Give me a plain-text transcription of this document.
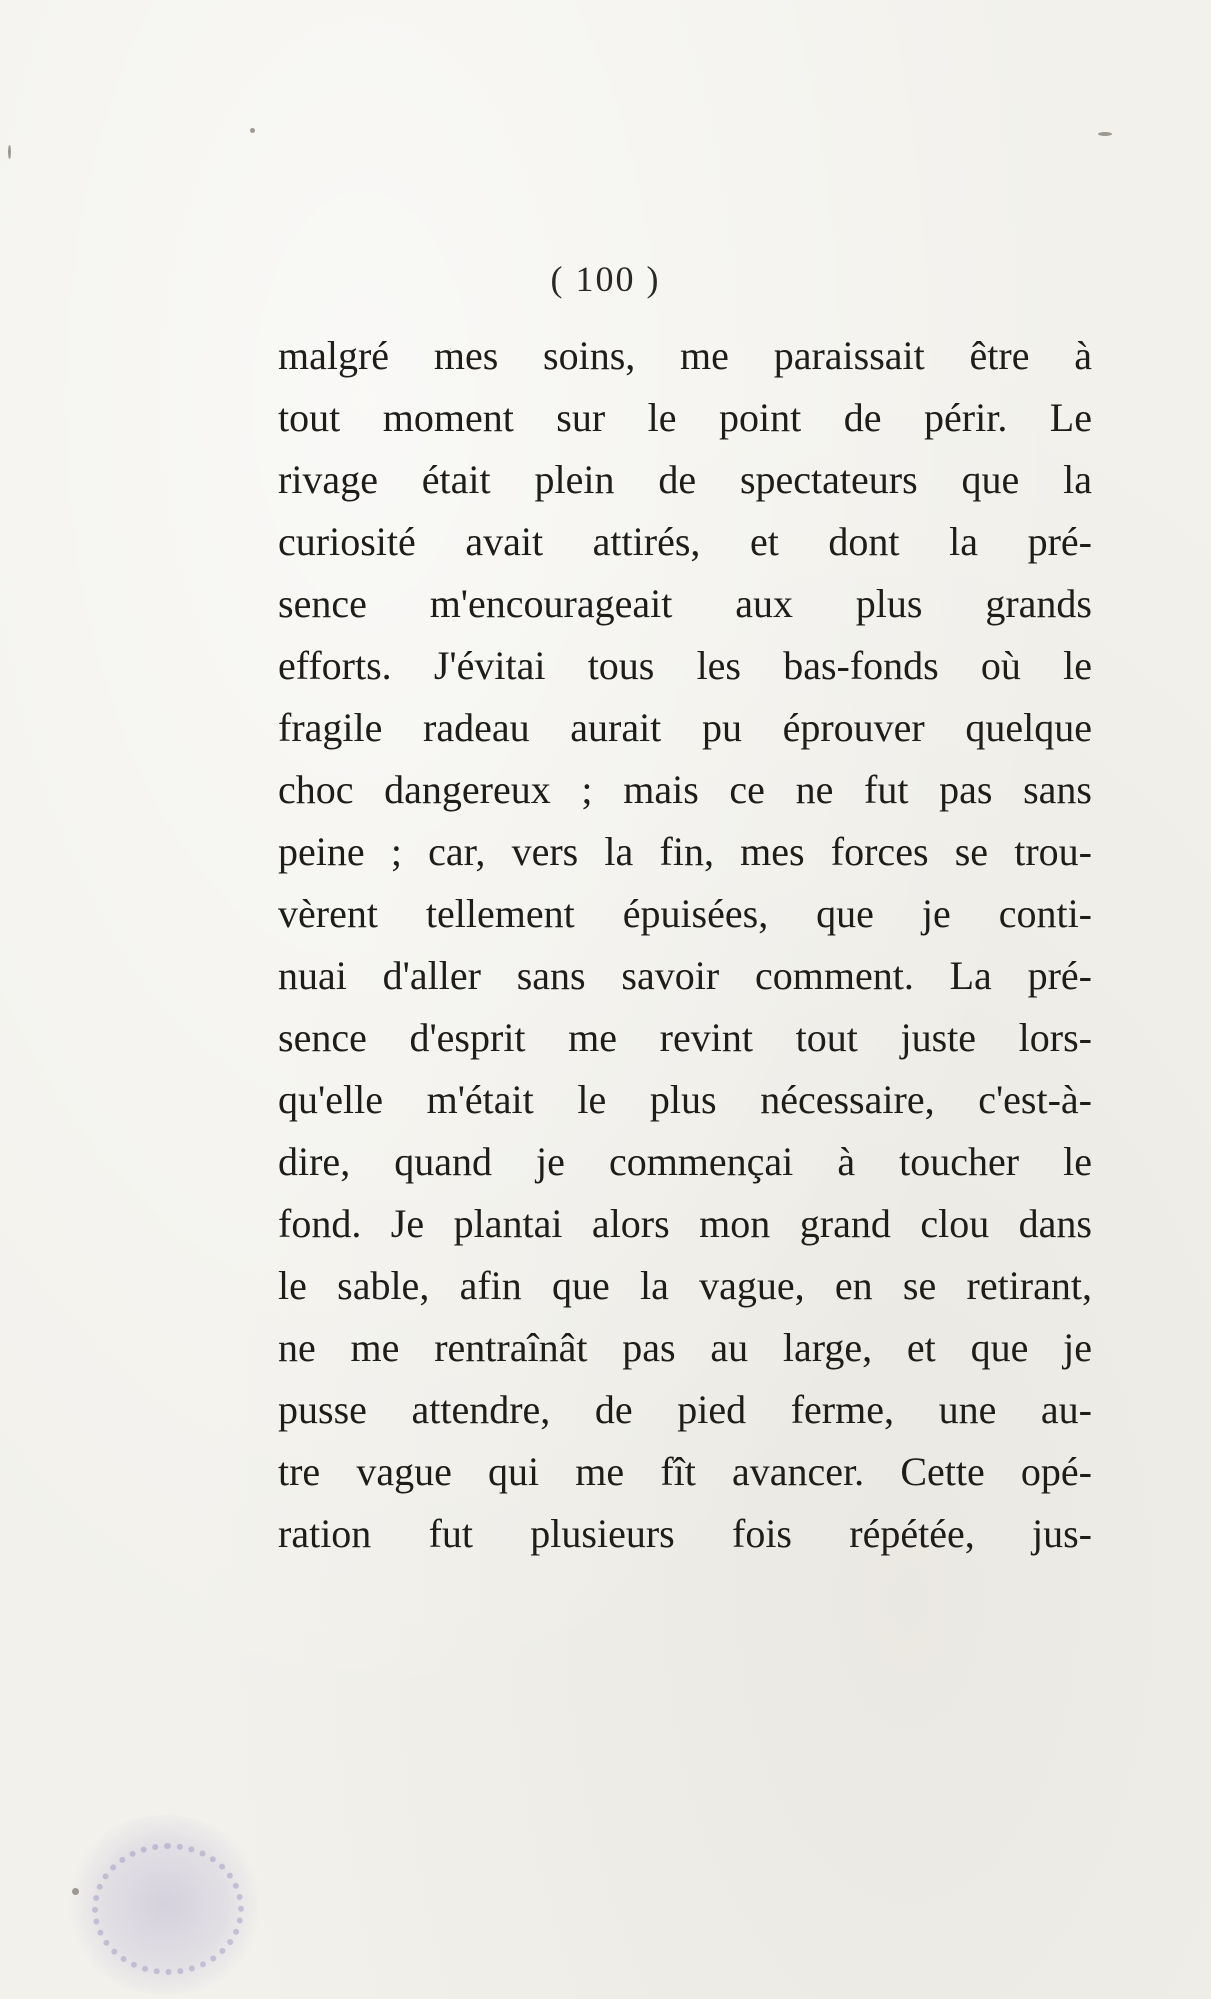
( 100 )
malgré mes soins, me paraissait être à
tout moment sur le point de périr. Le
rivage était plein de spectateurs que la
curiosité avait attirés, et dont la pré-
sence m'encourageait aux plus grands
efforts. J'évitai tous les bas-fonds où le
fragile radeau aurait pu éprouver quelque
choc dangereux ; mais ce ne fut pas sans
peine ; car, vers la fin, mes forces se trou-
vèrent tellement épuisées, que je conti-
nuai d'aller sans savoir comment. La pré-
sence d'esprit me revint tout juste lors-
qu'elle m'était le plus nécessaire, c'est-à-
dire, quand je commençai à toucher le
fond. Je plantai alors mon grand clou dans
le sable, afin que la vague, en se retirant,
ne me rentraînât pas au large, et que je
pusse attendre, de pied ferme, une au-
tre vague qui me fît avancer. Cette opé-
ration fut plusieurs fois répétée, jus-
